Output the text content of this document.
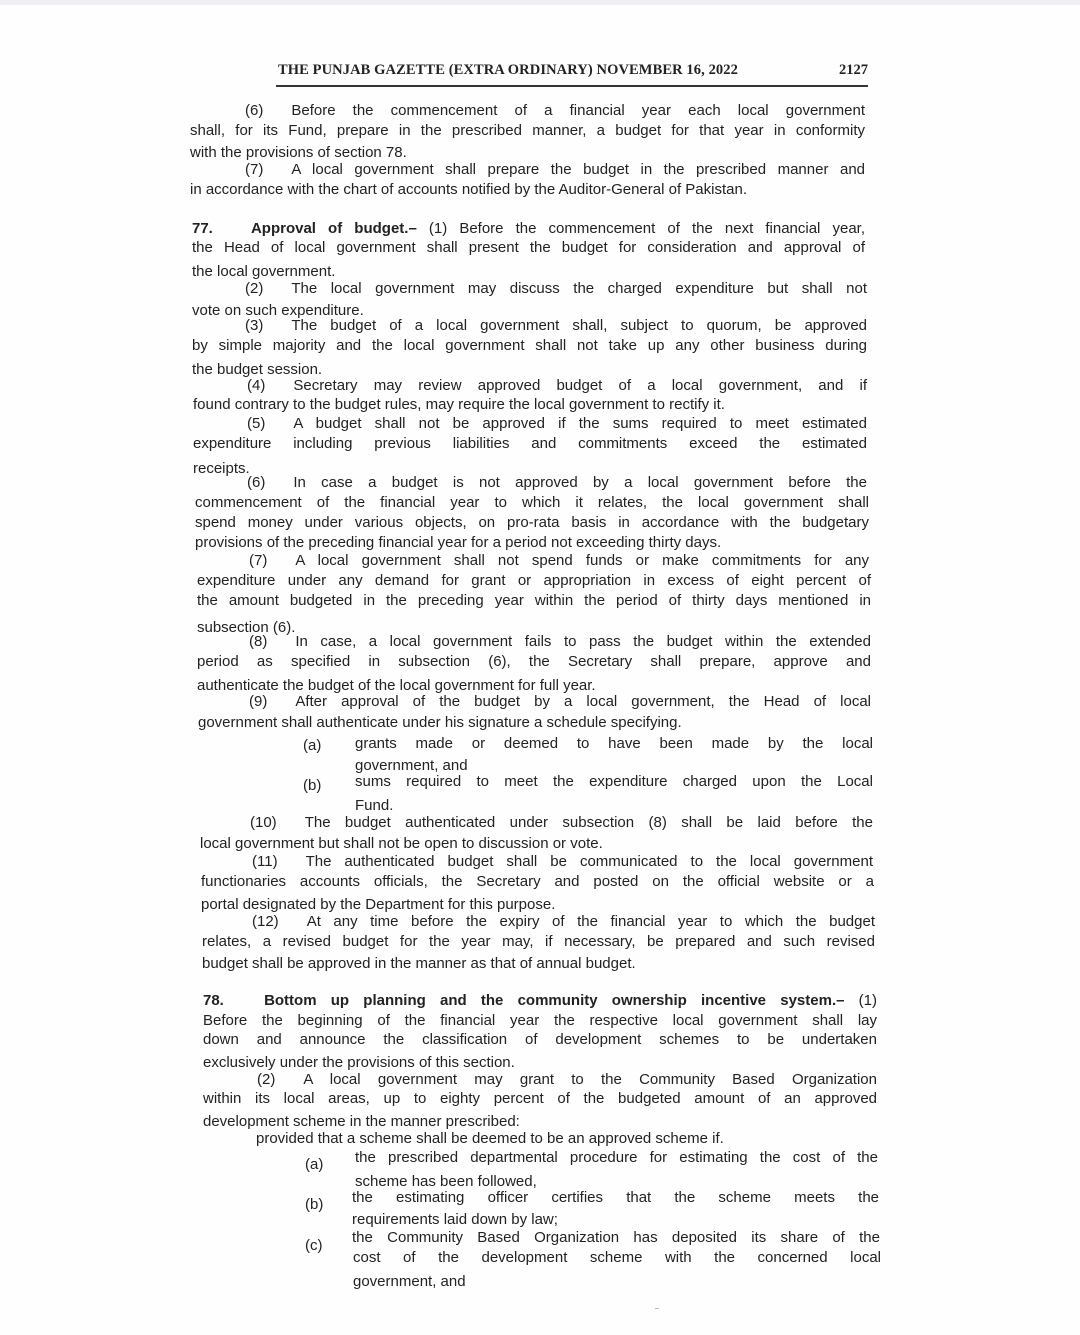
THE PUNJAB GAZETTE (EXTRA ORDINARY) NOVEMBER 16, 2022	2127
(6) Before the commencement of a financial year each local government
shall, for its Fund, prepare in the prescribed manner, a budget for that year in conformity
with the provisions of section 78.
(7) A local government shall prepare the budget in the prescribed manner and
in accordance with the chart of accounts notified by the Auditor-General of Pakistan.
77. Approval of budget.– (1) Before the commencement of the next financial year,
the Head of local government shall present the budget for consideration and approval of
the local government.
(2) The local government may discuss the charged expenditure but shall not
vote on such expenditure.
(3) The budget of a local government shall, subject to quorum, be approved
by simple majority and the local government shall not take up any other business during
the budget session.
(4) Secretary may review approved budget of a local government, and if
found contrary to the budget rules, may require the local government to rectify it.
(5) A budget shall not be approved if the sums required to meet estimated
expenditure including previous liabilities and commitments exceed the estimated
receipts.
(6) In case a budget is not approved by a local government before the
commencement of the financial year to which it relates, the local government shall
spend money under various objects, on pro-rata basis in accordance with the budgetary
provisions of the preceding financial year for a period not exceeding thirty days.
(7) A local government shall not spend funds or make commitments for any
expenditure under any demand for grant or appropriation in excess of eight percent of
the amount budgeted in the preceding year within the period of thirty days mentioned in
subsection (6).
(8) In case, a local government fails to pass the budget within the extended
period as specified in subsection (6), the Secretary shall prepare, approve and
authenticate the budget of the local government for full year.
(9) After approval of the budget by a local government, the Head of local
government shall authenticate under his signature a schedule specifying.
(a)	grants made or deemed to have been made by the local
government, and
(b)	sums required to meet the expenditure charged upon the Local
Fund.
(10) The budget authenticated under subsection (8) shall be laid before the
local government but shall not be open to discussion or vote.
(11) The authenticated budget shall be communicated to the local government
functionaries accounts officials, the Secretary and posted on the official website or a
portal designated by the Department for this purpose.
(12) At any time before the expiry of the financial year to which the budget
relates, a revised budget for the year may, if necessary, be prepared and such revised
budget shall be approved in the manner as that of annual budget.
78. Bottom up planning and the community ownership incentive system.– (1)
Before the beginning of the financial year the respective local government shall lay
down and announce the classification of development schemes to be undertaken
exclusively under the provisions of this section.
(2) A local government may grant to the Community Based Organization
within its local areas, up to eighty percent of the budgeted amount of an approved
development scheme in the manner prescribed:
provided that a scheme shall be deemed to be an approved scheme if.
(a)	the prescribed departmental procedure for estimating the cost of the
scheme has been followed,
(b)	the estimating officer certifies that the scheme meets the
requirements laid down by law;
(c)	the Community Based Organization has deposited its share of the
cost of the development scheme with the concerned local
government, and
